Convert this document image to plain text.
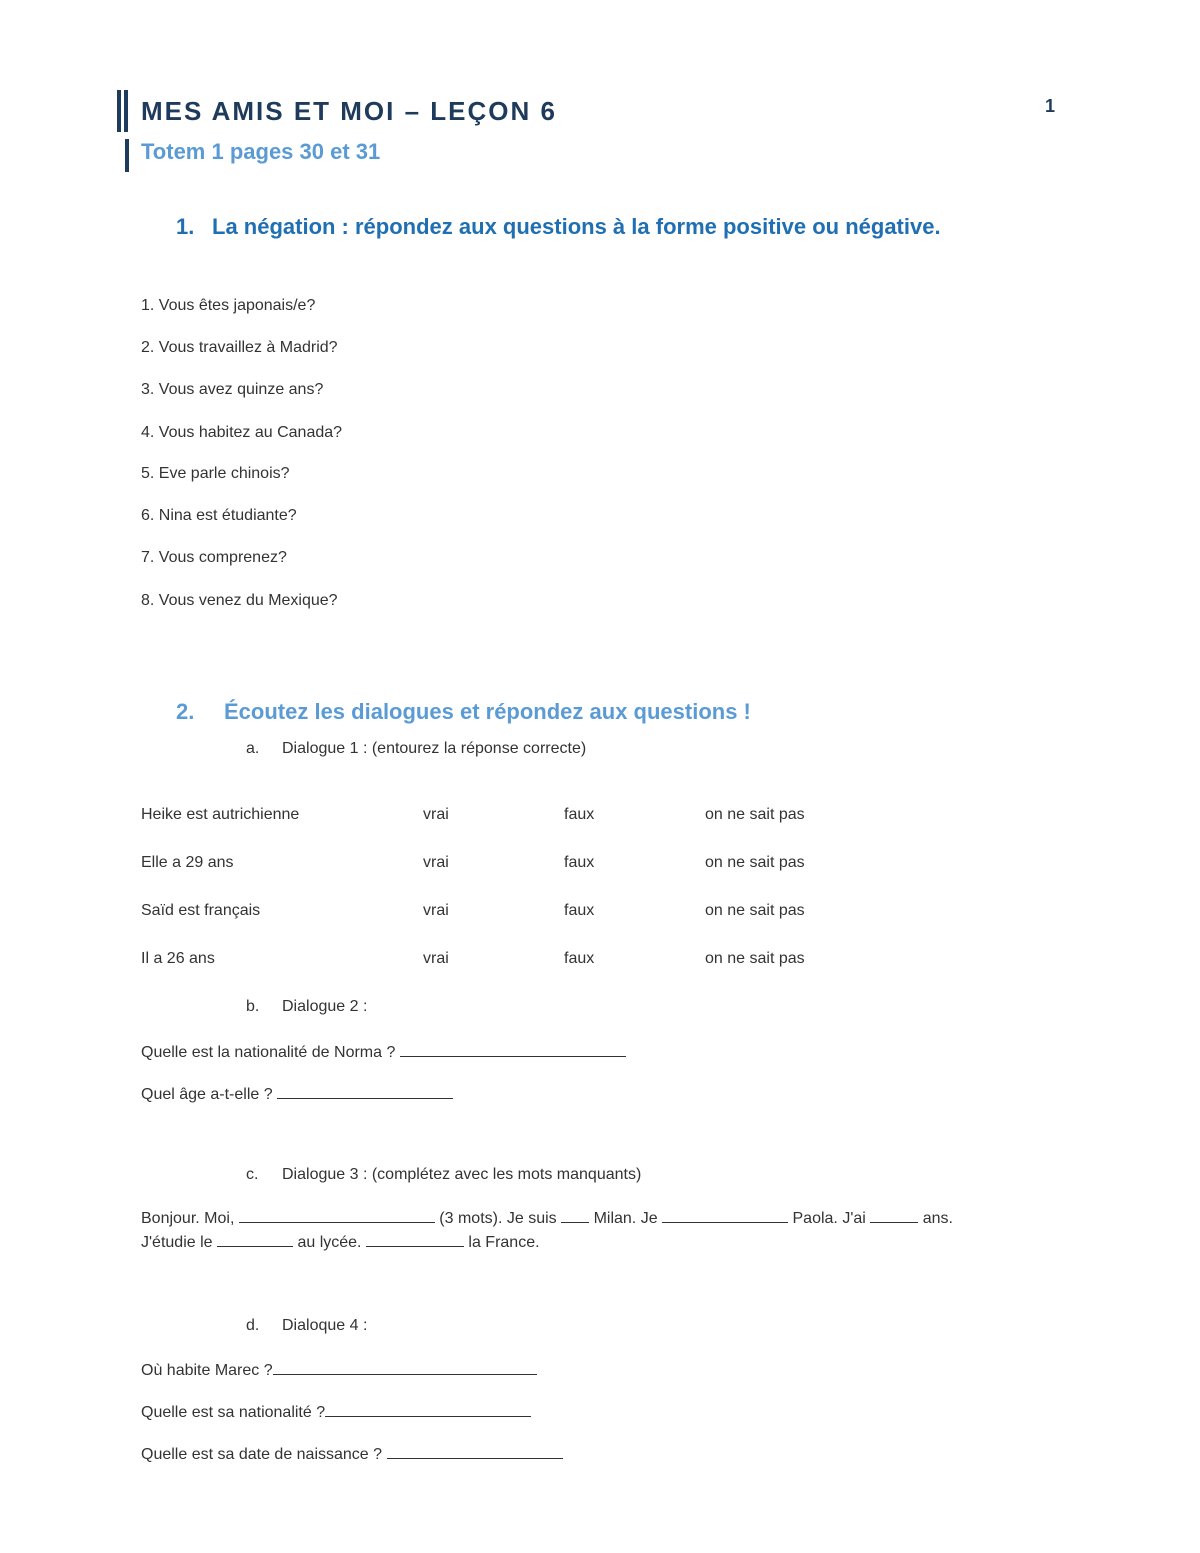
MES AMIS ET MOI – LEÇON 6
Totem 1 pages 30 et 31
1
1. La négation : répondez aux questions à la forme positive ou négative.
1. Vous êtes japonais/e?
2. Vous travaillez à Madrid?
3. Vous avez quinze ans?
4. Vous habitez au Canada?
5. Eve parle chinois?
6. Nina est étudiante?
7. Vous comprenez?
8. Vous venez du Mexique?
2. Écoutez les dialogues et répondez aux questions !
a. Dialogue 1 : (entourez la réponse correcte)
Heike est autrichienne	vrai	faux	on ne sait pas
Elle a 29 ans	vrai	faux	on ne sait pas
Saïd est français	vrai	faux	on ne sait pas
Il a 26 ans	vrai	faux	on ne sait pas
b. Dialogue 2 :
Quelle est la nationalité de Norma ?
Quel âge a-t-elle ?
c. Dialogue 3 : (complétez avec les mots manquants)
Bonjour. Moi,	(3 mots). Je suis Milan. Je	Paola. J'ai	ans.
J'étudie le	au lycée.	la France.
d. Dialoque 4 :
Où habite Marec ?
Quelle est sa nationalité ?
Quelle est sa date de naissance ?
